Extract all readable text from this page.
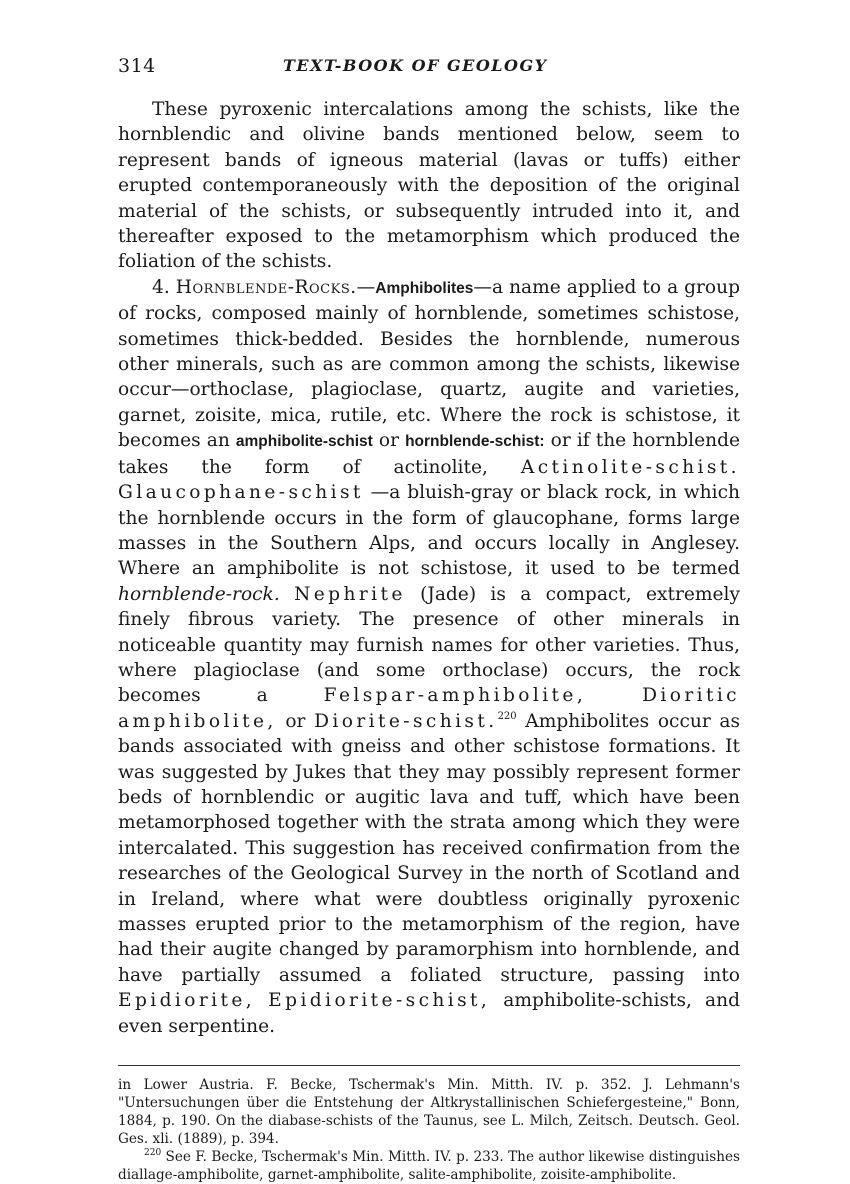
314	TEXT-BOOK OF GEOLOGY

These pyroxenic intercalations among the schists, like the hornblendic and olivine bands mentioned below, seem to represent bands of igneous material (lavas or tuffs) either erupted contemporaneously with the deposition of the original material of the schists, or subsequently intruded into it, and thereafter exposed to the metamorphism which produced the foliation of the schists.

4. Hornblende-Rocks.—Amphibolites—a name applied to a group of rocks, composed mainly of hornblende, sometimes schistose, sometimes thick-bedded. Besides the hornblende, numerous other minerals, such as are common among the schists, likewise occur—orthoclase, plagioclase, quartz, augite and varieties, garnet, zoisite, mica, rutile, etc. Where the rock is schistose, it becomes an amphibolite-schist or hornblende-schist: or if the hornblende takes the form of actinolite, Actinolite-schist. Glaucophane-schist —a bluish-gray or black rock, in which the hornblende occurs in the form of glaucophane, forms large masses in the Southern Alps, and occurs locally in Anglesey. Where an amphibolite is not schistose, it used to be termed hornblende-rock. Nephrite (Jade) is a compact, extremely finely fibrous variety. The presence of other minerals in noticeable quantity may furnish names for other varieties. Thus, where plagioclase (and some orthoclase) occurs, the rock becomes a Felspar-amphibolite,	Dioritic amphibolite, or Diorite-schist.$^{220}$ Amphibolites occur as bands associated with gneiss and other schistose formations. It was suggested by Jukes that they may possibly represent former beds of hornblendic or augitic lava and tuff, which have been metamorphosed together with the strata among which they were intercalated. This suggestion has received confirmation from the researches of the Geological Survey in the north of Scotland and in Ireland, where what were doubtless originally pyroxenic masses erupted prior to the metamorphism of the region, have had their augite changed by paramorphism into hornblende, and have partially assumed a foliated structure, passing into Epidiorite, Epidiorite-schist, amphibolite-schists, and even serpentine.

in Lower Austria. F. Becke, Tschermak's Min. Mitth. IV. p. 352. J. Lehmann's "Untersuchungen über die Entstehung der Altkrystallinischen Schiefergesteine," Bonn, 1884, p. 190. On the diabase-schists of the Taunus, see L. Milch, Zeitsch. Deutsch. Geol. Ges. xli. (1889), p. 394.

$^{220}$ See F. Becke, Tschermak's Min. Mitth. IV. p. 233. The author likewise distinguishes diallage-amphibolite, garnet-amphibolite, salite-amphibolite, zoisite-amphibolite.
